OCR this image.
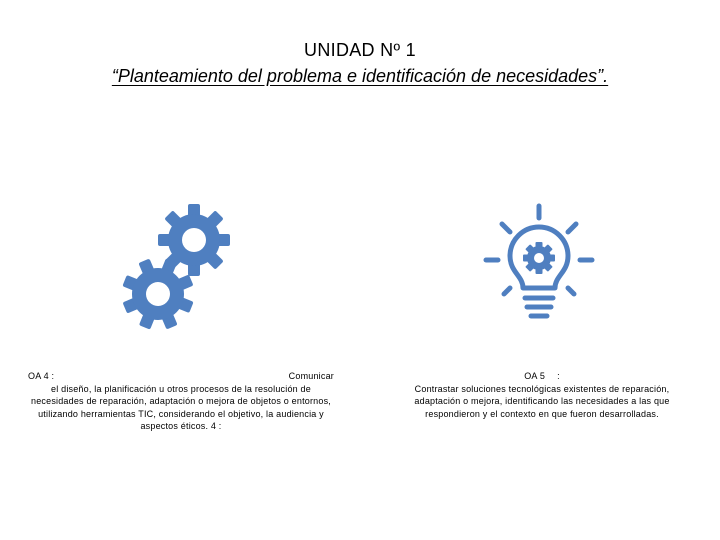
UNIDAD Nº 1
“Planteamiento del problema e identificación de necesidades”.
OA 4 :	Comunicar
el diseño, la planificación u otros procesos de la resolución de necesidades de reparación, adaptación o mejora de objetos o entornos, utilizando herramientas TIC, considerando el objetivo, la audiencia y aspectos éticos. 4 :
OA 5 :
Contrastar soluciones tecnológicas existentes de reparación, adaptación o mejora, identificando las necesidades a las que respondieron y el contexto en que fueron desarrolladas.
